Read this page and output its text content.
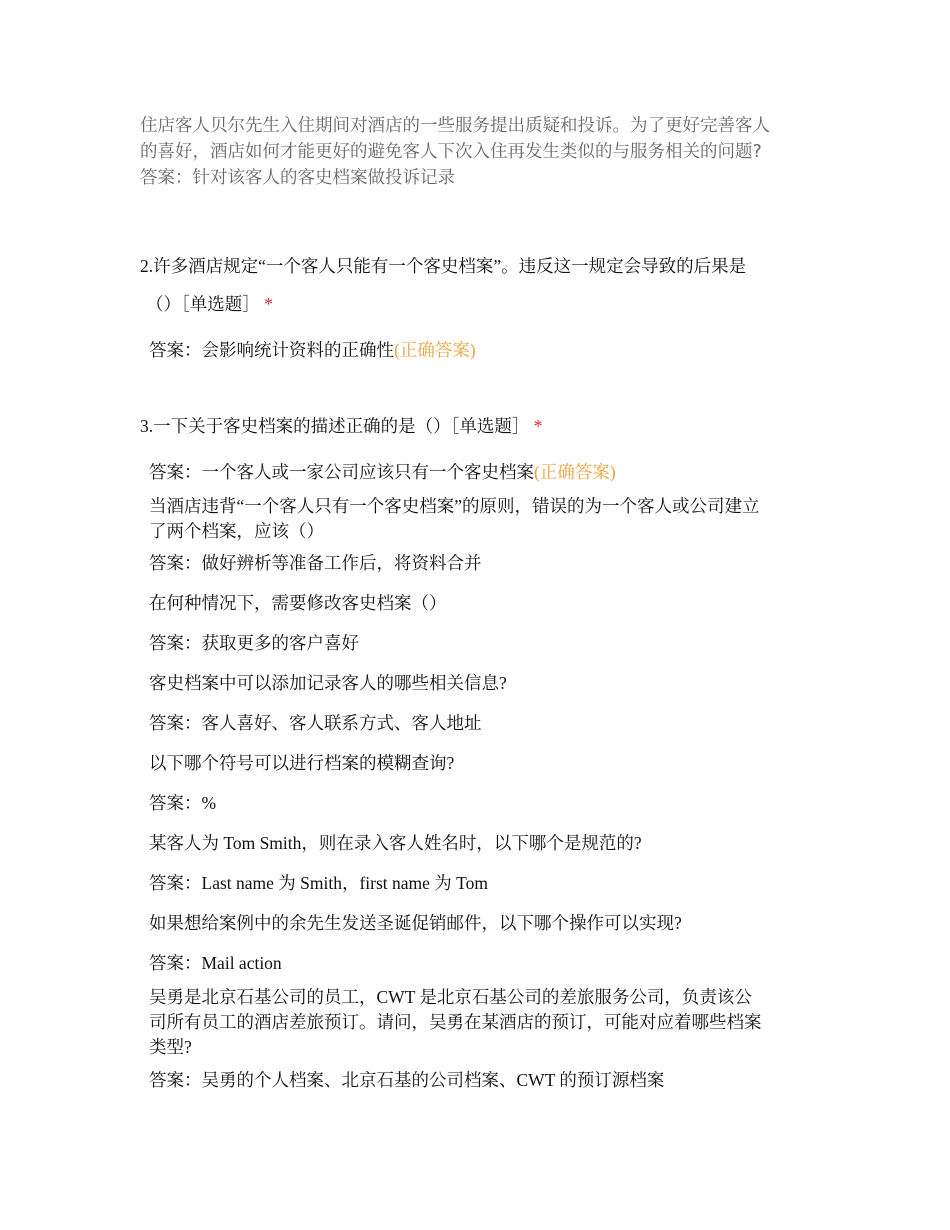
住店客人贝尔先生入住期间对酒店的一些服务提出质疑和投诉。为了更好完善客人
的喜好，酒店如何才能更好的避免客人下次入住再发生类似的与服务相关的问题?
答案：针对该客人的客史档案做投诉记录
2.许多酒店规定“一个客人只能有一个客史档案”。违反这一规定会导致的后果是
（）［单选题］ *
答案：会影响统计资料的正确性(正确答案)
3.一下关于客史档案的描述正确的是（）［单选题］ *
答案：一个客人或一家公司应该只有一个客史档案(正确答案)
当酒店违背“一个客人只有一个客史档案”的原则，错误的为一个客人或公司建立
了两个档案，应该（）
答案：做好辨析等准备工作后，将资料合并
在何种情况下，需要修改客史档案（）
答案：获取更多的客户喜好
客史档案中可以添加记录客人的哪些相关信息?
答案：客人喜好、客人联系方式、客人地址
以下哪个符号可以进行档案的模糊查询?
答案：%
某客人为 Tom Smith，则在录入客人姓名时，以下哪个是规范的?
答案：Last name 为 Smith，first name 为 Tom
如果想给案例中的余先生发送圣诞促销邮件，以下哪个操作可以实现?
答案：Mail action
吴勇是北京石基公司的员工，CWT 是北京石基公司的差旅服务公司，负责该公
司所有员工的酒店差旅预订。请问，吴勇在某酒店的预订，可能对应着哪些档案
类型?
答案：吴勇的个人档案、北京石基的公司档案、CWT 的预订源档案
